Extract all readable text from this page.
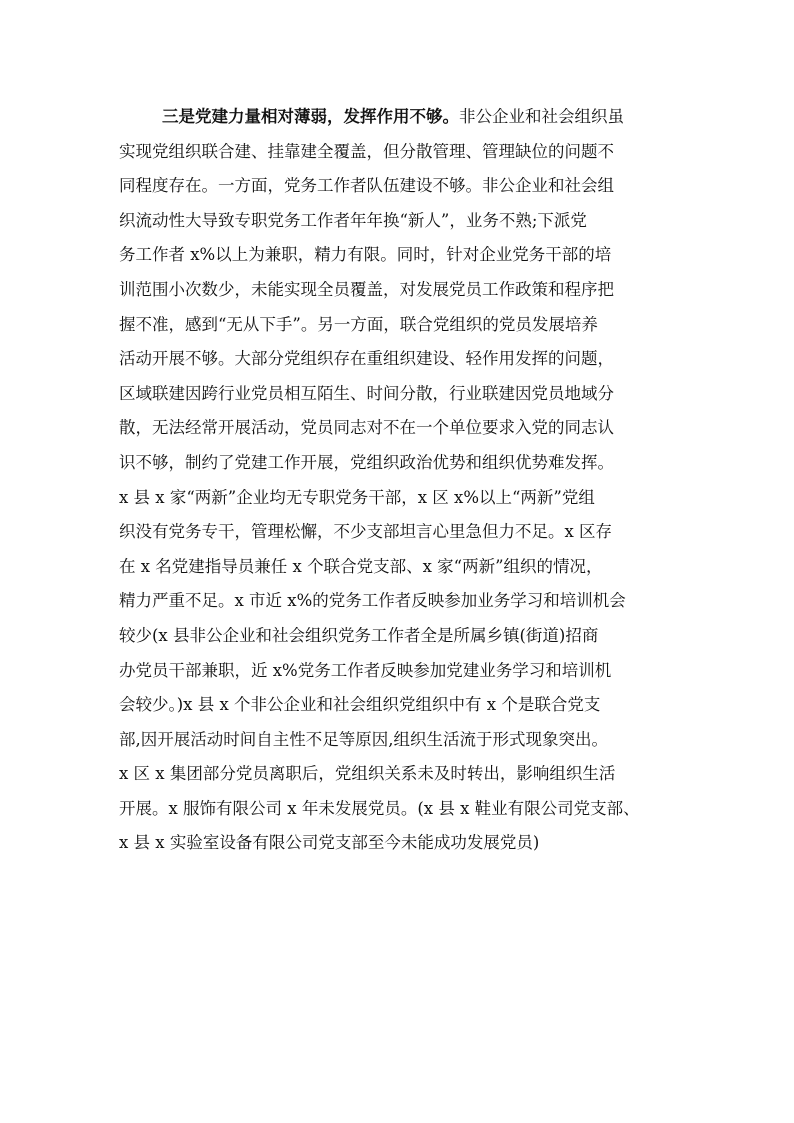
三是党建力量相对薄弱，发挥作用不够。非公企业和社会组织虽
实现党组织联合建、挂靠建全覆盖，但分散管理、管理缺位的问题不
同程度存在。一方面，党务工作者队伍建设不够。非公企业和社会组
织流动性大导致专职党务工作者年年换“新人”，业务不熟;下派党
务工作者 x%以上为兼职，精力有限。同时，针对企业党务干部的培
训范围小次数少，未能实现全员覆盖，对发展党员工作政策和程序把
握不准，感到“无从下手”。另一方面，联合党组织的党员发展培养
活动开展不够。大部分党组织存在重组织建设、轻作用发挥的问题，
区域联建因跨行业党员相互陌生、时间分散，行业联建因党员地域分
散，无法经常开展活动，党员同志对不在一个单位要求入党的同志认
识不够，制约了党建工作开展，党组织政治优势和组织优势难发挥。
x 县 x 家“两新”企业均无专职党务干部，x 区 x%以上“两新”党组
织没有党务专干，管理松懈，不少支部坦言心里急但力不足。x 区存
在 x 名党建指导员兼任 x 个联合党支部、x 家“两新”组织的情况，
精力严重不足。x 市近 x%的党务工作者反映参加业务学习和培训机会
较少(x 县非公企业和社会组织党务工作者全是所属乡镇(街道)招商
办党员干部兼职，近 x%党务工作者反映参加党建业务学习和培训机
会较少。)x 县 x 个非公企业和社会组织党组织中有 x 个是联合党支
部,因开展活动时间自主性不足等原因,组织生活流于形式现象突出。
x 区 x 集团部分党员离职后，党组织关系未及时转出，影响组织生活
开展。x 服饰有限公司 x 年未发展党员。(x 县 x 鞋业有限公司党支部、
x 县 x 实验室设备有限公司党支部至今未能成功发展党员)
